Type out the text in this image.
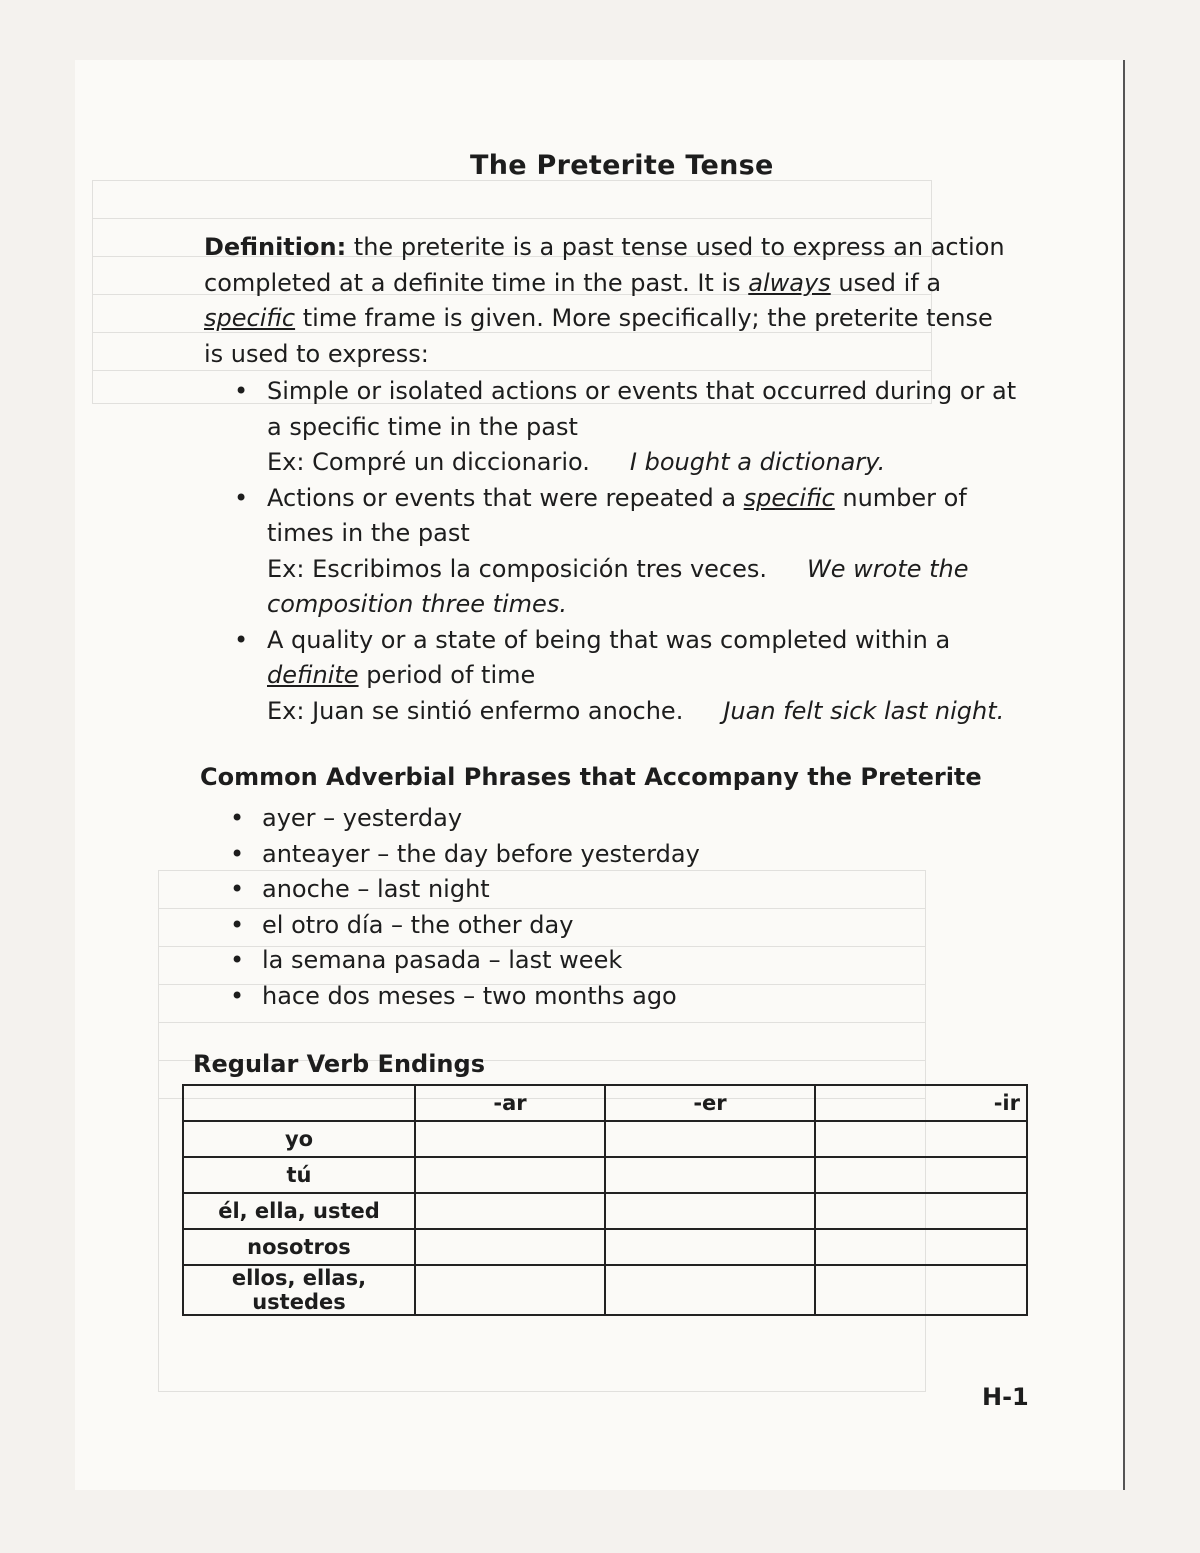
The Preterite Tense

Definition: the preterite is a past tense used to express an action completed at a definite time in the past. It is always used if a specific time frame is given. More specifically; the preterite tense is used to express:

• Simple or isolated actions or events that occurred during or at a specific time in the past
Ex: Compré un diccionario. I bought a dictionary.
• Actions or events that were repeated a specific number of times in the past
Ex: Escribimos la composición tres veces. We wrote the composition three times.
• A quality or a state of being that was completed within a definite period of time
Ex: Juan se sintió enfermo anoche. Juan felt sick last night.
Common Adverbial Phrases that Accompany the Preterite
• ayer – yesterday
• anteayer – the day before yesterday
• anoche – last night
• el otro día – the other day
• la semana pasada – last week
• hace dos meses – two months ago
Regular Verb Endings
	-ar	-er	-ir
yo			
tú			
él, ella, usted			
nosotros			
ellos, ellas, ustedes			

H-1
